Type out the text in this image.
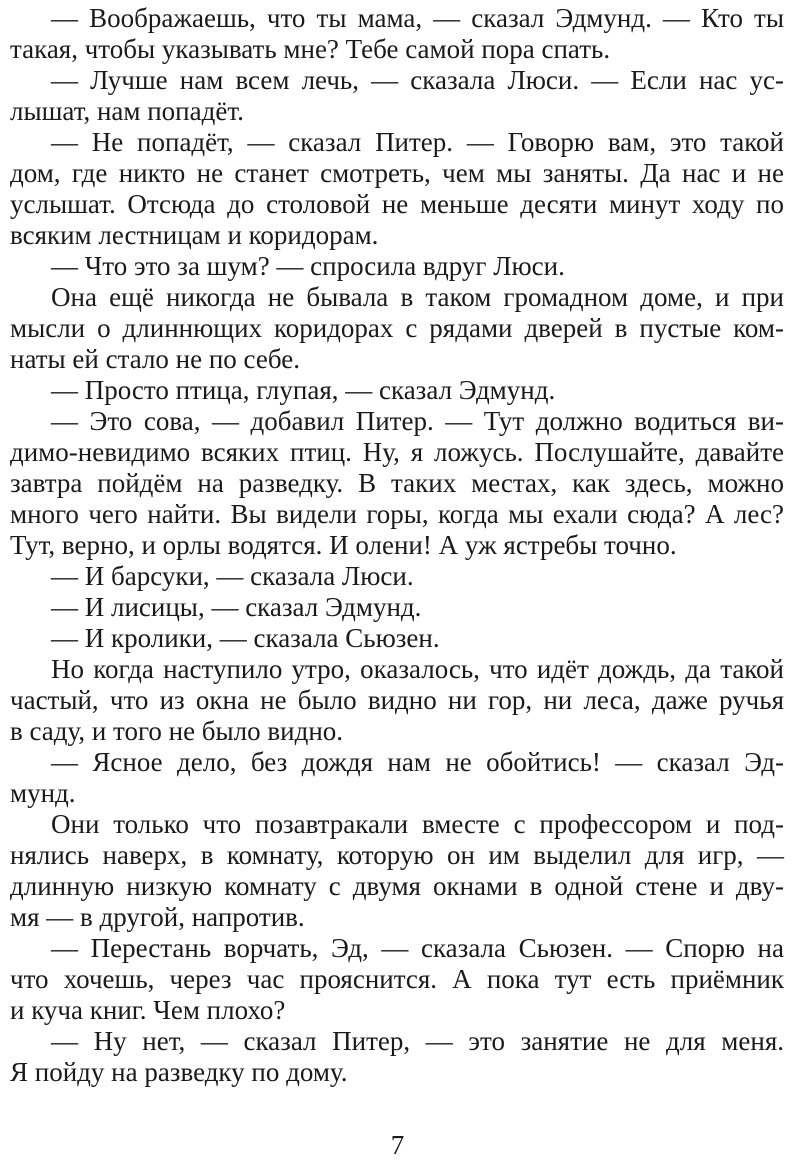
— Воображаешь, что ты мама, — сказал Эдмунд. — Кто ты
такая, чтобы указывать мне? Тебе самой пора спать.
— Лучше нам всем лечь, — сказала Люси. — Если нас ус-
лышат, нам попадёт.
— Не попадёт, — сказал Питер. — Говорю вам, это такой
дом, где никто не станет смотреть, чем мы заняты. Да нас и не
услышат. Отсюда до столовой не меньше десяти минут ходу по
всяким лестницам и коридорам.
— Что это за шум? — спросила вдруг Люси.
Она ещё никогда не бывала в таком громадном доме, и при
мысли о длиннющих коридорах с рядами дверей в пустые ком-
наты ей стало не по себе.
— Просто птица, глупая, — сказал Эдмунд.
— Это сова, — добавил Питер. — Тут должно водиться ви-
димо-невидимо всяких птиц. Ну, я ложусь. Послушайте, давайте
завтра пойдём на разведку. В таких местах, как здесь, можно
много чего найти. Вы видели горы, когда мы ехали сюда? А лес?
Тут, верно, и орлы водятся. И олени! А уж ястребы точно.
— И барсуки, — сказала Люси.
— И лисицы, — сказал Эдмунд.
— И кролики, — сказала Сьюзен.
Но когда наступило утро, оказалось, что идёт дождь, да такой
частый, что из окна не было видно ни гор, ни леса, даже ручья
в саду, и того не было видно.
— Ясное дело, без дождя нам не обойтись! — сказал Эд-
мунд.
Они только что позавтракали вместе с профессором и под-
нялись наверх, в комнату, которую он им выделил для игр, —
длинную низкую комнату с двумя окнами в одной стене и дву-
мя — в другой, напротив.
— Перестань ворчать, Эд, — сказала Сьюзен. — Спорю на
что хочешь, через час прояснится. А пока тут есть приёмник
и куча книг. Чем плохо?
— Ну нет, — сказал Питер, — это занятие не для меня.
Я пойду на разведку по дому.
7
